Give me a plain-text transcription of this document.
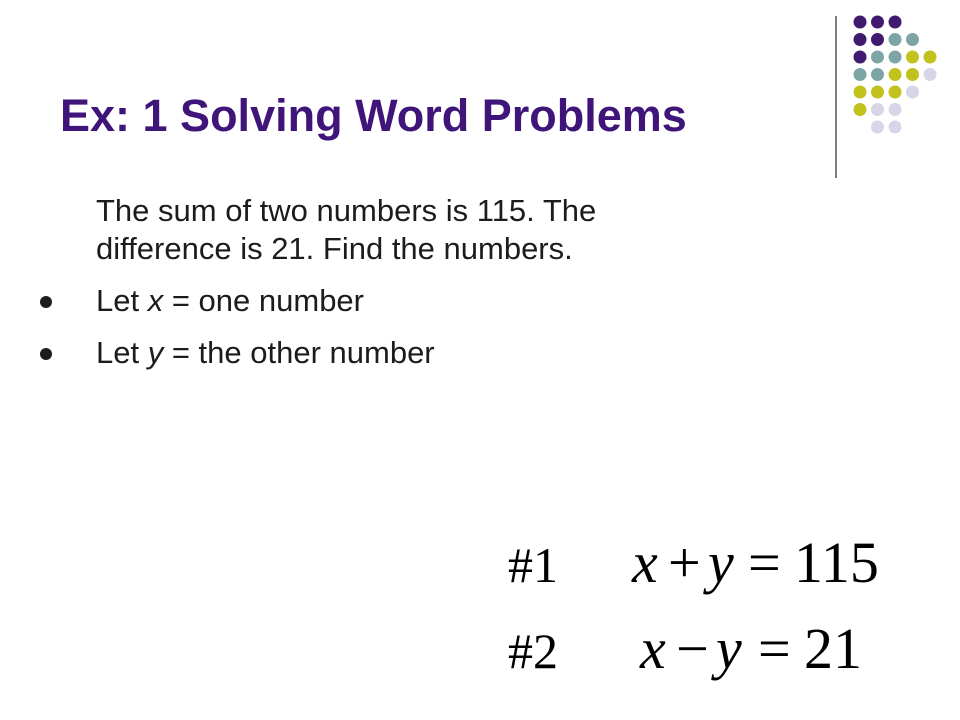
Ex: 1 Solving Word Problems

The sum of two numbers is 115. The
difference is 21. Find the numbers.

Let x = one number
Let y = the other number
#1 x + y = 115
#2 x − y = 21
